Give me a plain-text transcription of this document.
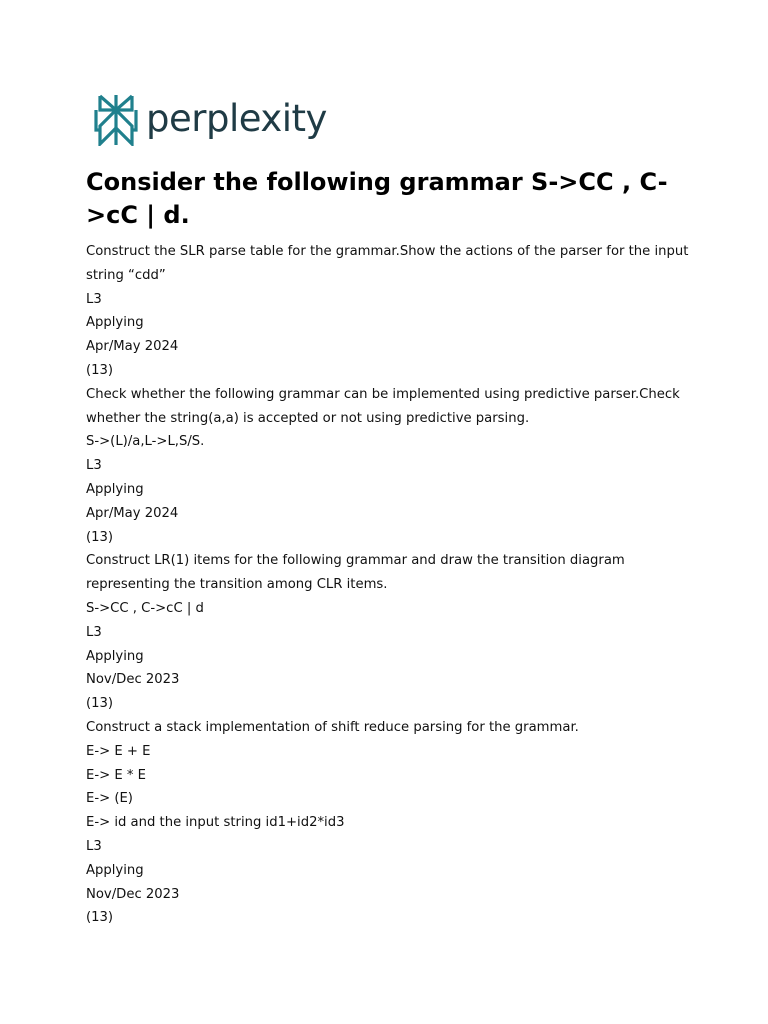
perplexity
Consider the following grammar S->CC , C->cC | d.

Construct the SLR parse table for the grammar.Show the actions of the parser for the input string “cdd”

L3

Applying

Apr/May 2024

(13)

Check whether the following grammar can be implemented using predictive parser.Check whether the string(a,a) is accepted or not using predictive parsing.

S->(L)/a,L->L,S/S.

L3

Applying

Apr/May 2024

(13)

Construct LR(1) items for the following grammar and draw the transition diagram representing the transition among CLR items.

S->CC , C->cC | d

L3

Applying

Nov/Dec 2023

(13)

Construct a stack implementation of shift reduce parsing for the grammar.

E-> E + E

E-> E * E

E-> (E)

E-> id and the input string id1+id2*id3

L3

Applying

Nov/Dec 2023

(13)
